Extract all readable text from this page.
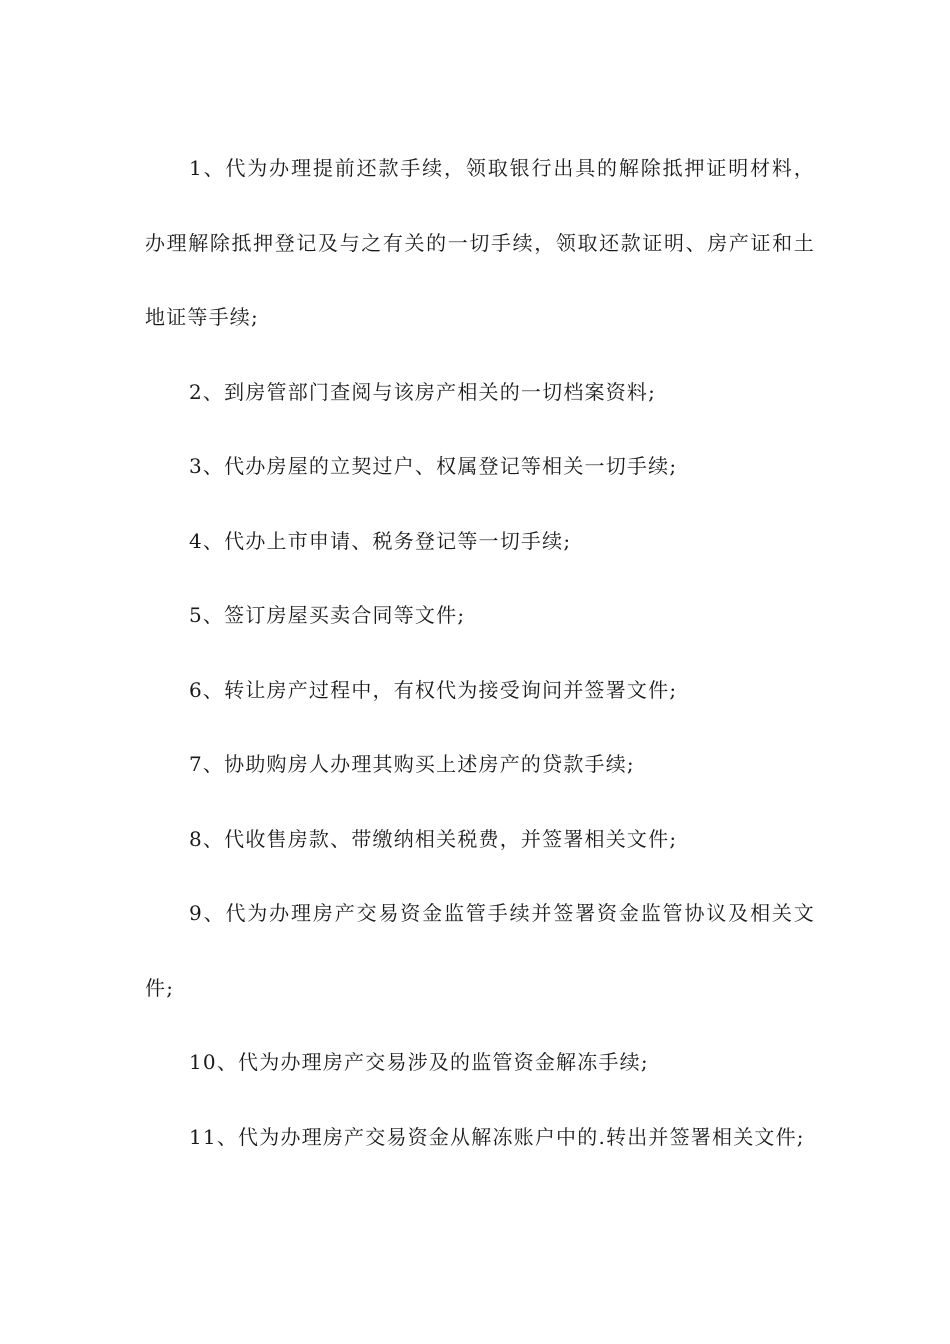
1、代为办理提前还款手续，领取银行出具的解除抵押证明材料，办理解除抵押登记及与之有关的一切手续，领取还款证明、房产证和土地证等手续;

2、到房管部门查阅与该房产相关的一切档案资料;

3、代办房屋的立契过户、权属登记等相关一切手续;

4、代办上市申请、税务登记等一切手续;

5、签订房屋买卖合同等文件;

6、转让房产过程中，有权代为接受询问并签署文件;

7、协助购房人办理其购买上述房产的贷款手续;

8、代收售房款、带缴纳相关税费，并签署相关文件;

9、代为办理房产交易资金监管手续并签署资金监管协议及相关文件;

10、代为办理房产交易涉及的监管资金解冻手续;

11、代为办理房产交易资金从解冻账户中的.转出并签署相关文件;
